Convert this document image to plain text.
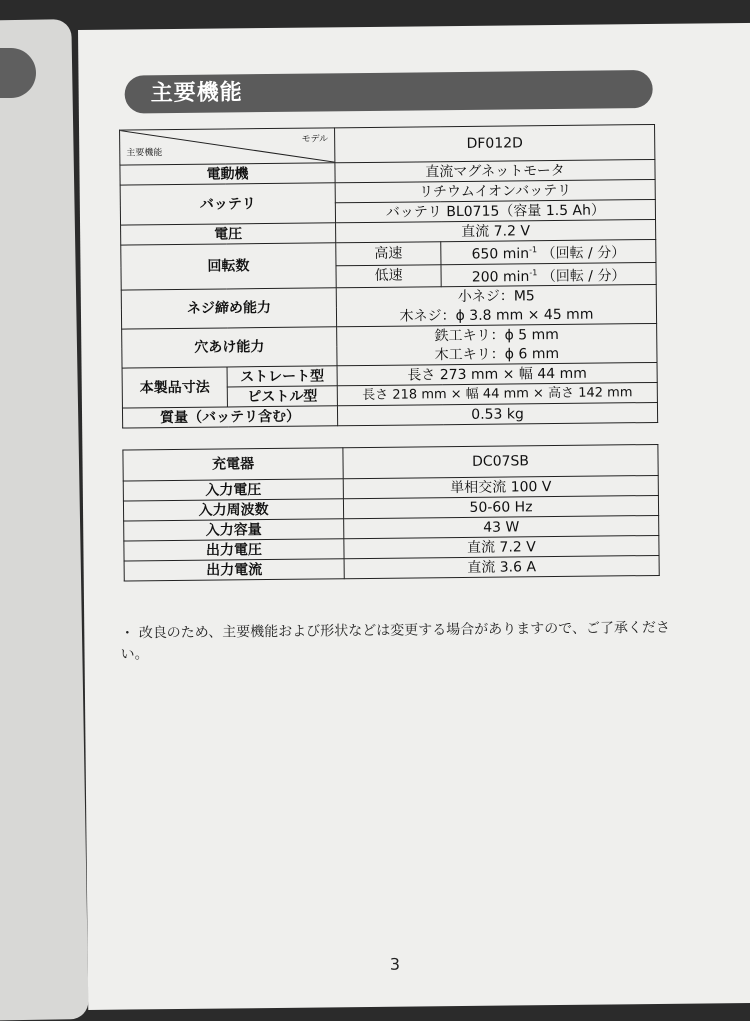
主要機能
モデル
主要機能		DF012D	
電動機		直流マグネットモータ	
バッテリ		リチウムイオンバッテリ	
		バッテリ BL0715（容量 1.5 Ah）	
電圧		直流 7.2 V	
回転数		高速	650 $\min^{-1}$ （回転 / 分）
		低速	200 $\min^{-1}$ （回転 / 分）
ネジ締め能力		小ネジ：M5	
		木ネジ：ϕ 3.8 mm × 45 mm	
穴あけ能力		鉄工キリ：ϕ 5 mm	
		木工キリ：ϕ 6 mm	
本製品寸法	ストレート型	長さ 273 mm × 幅 44 mm	
	ピストル型	長さ 218 mm × 幅 44 mm × 高さ 142 mm	
質量（バッテリ含む）		0.53 kg	
充電器	DC07SB
入力電圧	単相交流 100 V
入力周波数	50-60 Hz
入力容量	43 W
出力電圧	直流 7.2 V
出力電流	直流 3.6 A
・ 改良のため、主要機能および形状などは変更する場合がありますので、ご了承ください。
3
